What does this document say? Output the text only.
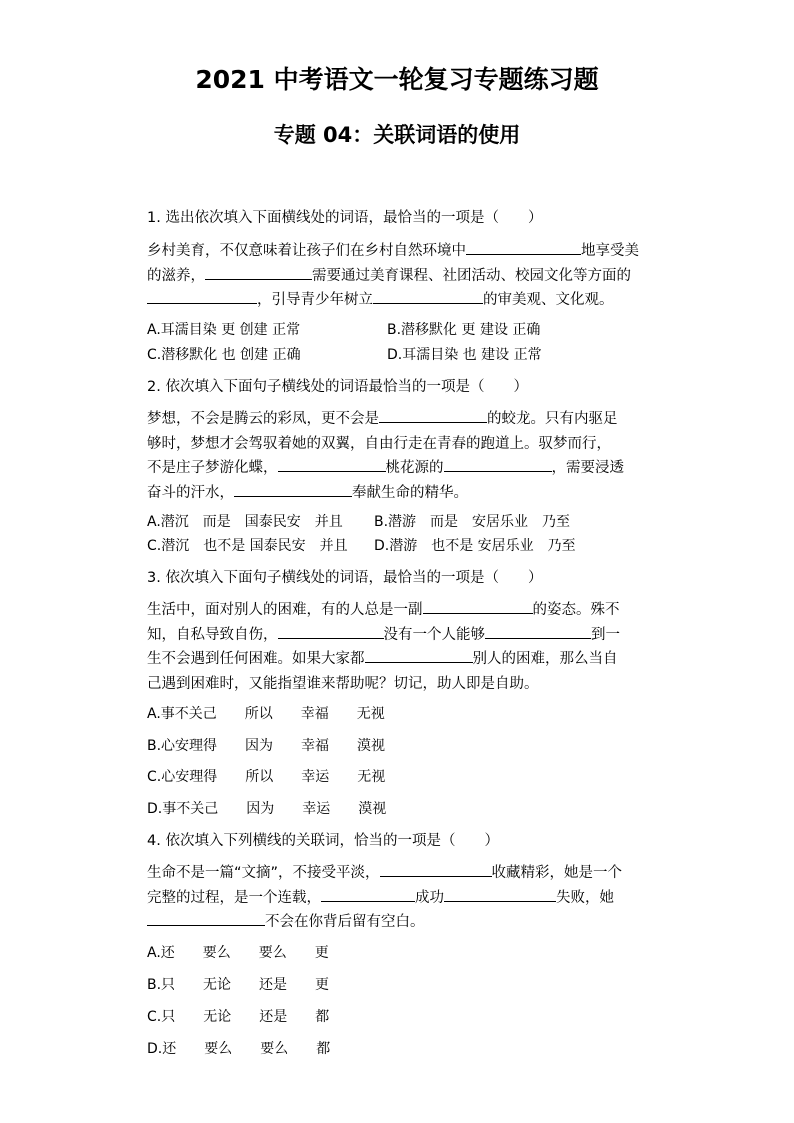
2021 中考语文一轮复习专题练习题
专题 04：关联词语的使用
1. 选出依次填入下面横线处的词语，最恰当的一项是（　　）
乡村美育，不仅意味着让孩子们在乡村自然环境中	地享受美
的滋养，	需要通过美育课程、社团活动、校园文化等方面的
，引导青少年树立	的审美观、文化观。
A.耳濡目染 更 创建 正常	B.潜移默化 更 建设 正确
C.潜移默化 也 创建 正确	D.耳濡目染 也 建设 正常
2. 依次填入下面句子横线处的词语最恰当的一项是（　　）
梦想，不会是腾云的彩凤，更不会是	的蛟龙。只有内驱足
够时，梦想才会驾驭着她的双翼，自由行走在青春的跑道上。驭梦而行，
不是庄子梦游化蝶，	桃花源的	，需要浸透
奋斗的汗水，	奉献生命的精华。
A.潜沉　而是　国泰民安　并且 B.潜游　而是　安居乐业　乃至
C.潜沉　也不是 国泰民安　并且 D.潜游　也不是 安居乐业　乃至
3. 依次填入下面句子横线处的词语，最恰当的一项是（　　）
生活中，面对别人的困难，有的人总是一副	的姿态。殊不
知，自私导致自伤，	没有一个人能够	到一
生不会遇到任何困难。如果大家都	别人的困难，那么当自
己遇到困难时，又能指望谁来帮助呢？切记，助人即是自助。
A.事不关己　　所以　　幸福　　无视
B.心安理得　　因为　　幸福　　漠视
C.心安理得　　所以　　幸运　　无视
D.事不关己　　因为　　幸运　　漠视
4. 依次填入下列横线的关联词，恰当的一项是（　　）
生命不是一篇“文摘”，不接受平淡，	收藏精彩，她是一个
完整的过程，是一个连载，	成功	失败，她
不会在你背后留有空白。
A.还　　要么　　要么　　更
B.只　　无论　　还是　　更
C.只　　无论　　还是　　都
D.还　　要么　　要么　　都
